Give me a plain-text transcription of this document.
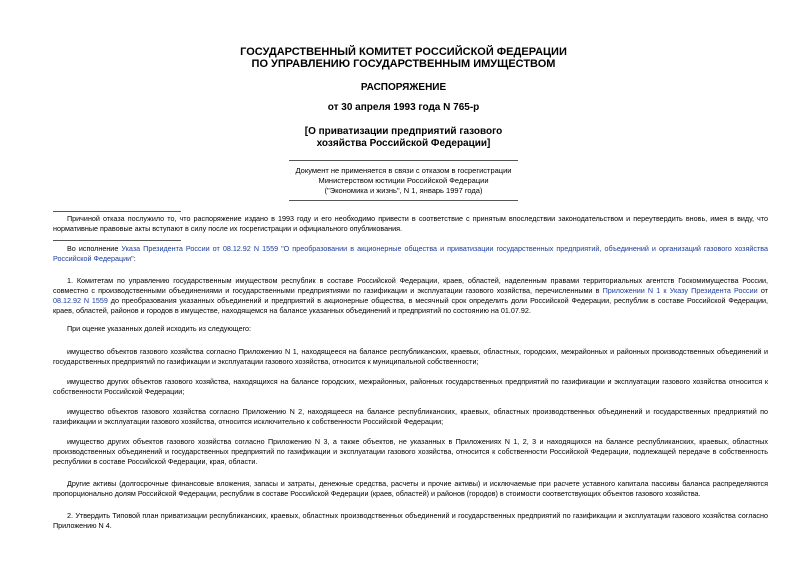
ГОСУДАРСТВЕННЫЙ КОМИТЕТ РОССИЙСКОЙ ФЕДЕРАЦИИ
ПО УПРАВЛЕНИЮ ГОСУДАРСТВЕННЫМ ИМУЩЕСТВОМ
РАСПОРЯЖЕНИЕ
от 30 апреля 1993 года N 765-р
[О приватизации предприятий газового
хозяйства Российской Федерации]
Документ не применяется в связи с отказом в госрегистрации
Министерством юстиции Российской Федерации
("Экономика и жизнь", N 1, январь 1997 года)
Причиной отказа послужило то, что распоряжение издано в 1993 году и его необходимо привести в соответствие с принятым впоследствии законодательством и переутвердить вновь, имея в виду, что нормативные правовые акты вступают в силу после их госрегистрации и официального опубликования.
Во исполнение Указа Президента России от 08.12.92 N 1559 "О преобразовании в акционерные общества и приватизации государственных предприятий, объединений и организаций газового хозяйства Российской Федерации":
1. Комитетам по управлению государственным имуществом республик в составе Российской Федерации, краев, областей, наделенным правами территориальных агентств Госкомимущества России, совместно с производственными объединениями и государственными предприятиями по газификации и эксплуатации газового хозяйства, перечисленными в Приложении N 1 к Указу Президента России от 08.12.92 N 1559 до преобразования указанных объединений и предприятий в акционерные общества, в месячный срок определить доли Российской Федерации, республик в составе Российской Федерации, краев, областей, районов и городов в имуществе, находящемся на балансе указанных объединений и предприятий по состоянию на 01.07.92.
При оценке указанных долей исходить из следующего:
имущество объектов газового хозяйства согласно Приложению N 1, находящееся на балансе республиканских, краевых, областных, городских, межрайонных и районных производственных объединений и государственных предприятий по газификации и эксплуатации газового хозяйства, относится к муниципальной собственности;
имущество других объектов газового хозяйства, находящихся на балансе городских, межрайонных, районных государственных предприятий по газификации и эксплуатации газового хозяйства относится к собственности Российской Федерации;
имущество объектов газового хозяйства согласно Приложению N 2, находящееся на балансе республиканских, краевых, областных производственных объединений и государственных предприятий по газификации и эксплуатации газового хозяйства, относится исключительно к собственности Российской Федерации;
имущество других объектов газового хозяйства согласно Приложению N 3, а также объектов, не указанных в Приложениях N 1, 2, 3 и находящихся на балансе республиканских, краевых, областных производственных объединений и государственных предприятий по газификации и эксплуатации газового хозяйства, относится к собственности Российской Федерации, подлежащей передаче в собственность республики в составе Российской Федерации, края, области.
Другие активы (долгосрочные финансовые вложения, запасы и затраты, денежные средства, расчеты и прочие активы) и исключаемые при расчете уставного капитала пассивы баланса распределяются пропорционально долям Российской Федерации, республик в составе Российской Федерации (краев, областей) и районов (городов) в стоимости соответствующих объектов газового хозяйства.
2. Утвердить Типовой план приватизации республиканских, краевых, областных производственных объединений и государственных предприятий по газификации и эксплуатации газового хозяйства согласно Приложению N 4.
